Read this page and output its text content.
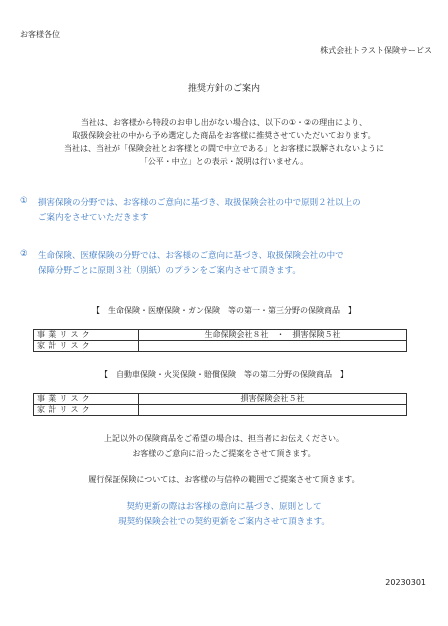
お客様各位
株式会社トラスト保険サービス
推奨方針のご案内
当社は、お客様から特段のお申し出がない場合は、以下の①・②の理由により、
取扱保険会社の中から予め選定した商品をお客様に推奨させていただいております。
当社は、当社が「保険会社とお客様との間で中立である」とお客様に誤解されないように
「公平・中立」との表示・説明は行いません。
① 損害保険の分野では、お客様のご意向に基づき、取扱保険会社の中で原則２社以上の
ご案内をさせていただきます
② 生命保険、医療保険の分野では、お客様のご意向に基づき、取扱保険会社の中で
保障分野ごとに原則３社（別紙）のプランをご案内させて頂きます。
【　生命保険・医療保険・ガン保険　等の第一・第三分野の保険商品　】
事業リスク	生命保険会社８社　・　損害保険５社
家計リスク	
【　自動車保険・火災保険・賠償保険　等の第二分野の保険商品　】
事業リスク	損害保険会社５社
家計リスク	
上記以外の保険商品をご希望の場合は、担当者にお伝えください。
お客様のご意向に沿ったご提案をさせて頂きます。
履行保証保険については、お客様の与信枠の範囲でご提案させて頂きます。
契約更新の際はお客様の意向に基づき、原則として
現契約保険会社での契約更新をご案内させて頂きます。
20230301
